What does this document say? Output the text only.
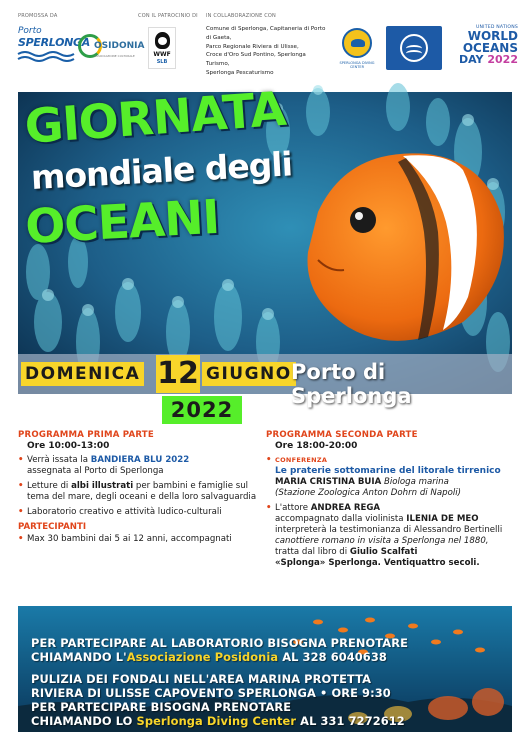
PROMOSSA DA	CON IL PATROCINIO DI IN COLLABORAZIONE CON
Porto
SPERLONGA OSIDONIA
ASSOCIAZIONE CULTURALE	WWF
SLB
Comune di Sperlonga, Capitaneria di Porto di Gaeta,
Parco Regionale Riviera di Ulisse,
Croce d'Oro Sud Pontino, Sperlonga Turismo,
Sperlonga Pescaturismo
SPERLONGA DIVING CENTER
UNITED NATIONS
WORLD
OCEANS
DAY 2022
GIORNATA
mondiale degli
OCEANI
DOMENICA 12 GIUGNO Porto di Sperlonga
2022
PROGRAMMA PRIMA PARTE
Ore 10:00-13:00
• Verrà issata la BANDIERA BLU 2022
assegnata al Porto di Sperlonga
• Letture di albi illustrati per bambini e famiglie sul tema del mare, degli oceani e della loro salvaguardia
• Laboratorio creativo e attività ludico-culturali
PARTECIPANTI
• Max 30 bambini dai 5 ai 12 anni, accompagnati
PROGRAMMA SECONDA PARTE
Ore 18:00-20:00
• CONFERENZA
Le praterie sottomarine del litorale tirrenico
MARIA CRISTINA BUIA Biologa marina
(Stazione Zoologica Anton Dohrn di Napoli)
• L'attore ANDREA REGA
accompagnato dalla violinista ILENIA DE MEO
interpreterà la testimonianza di Alessandro Bertinelli
canottiere romano in visita a Sperlonga nel 1880,
tratta dal libro di Giulio Scalfati
«Splonga» Sperlonga. Ventiquattro secoli.
PER PARTECIPARE AL LABORATORIO BISOGNA PRENOTARE
CHIAMANDO L'Associazione Posidonia AL 328 6040638
PULIZIA DEI FONDALI NELL'AREA MARINA PROTETTA
RIVIERA DI ULISSE CAPOVENTO SPERLONGA • ORE 9:30
PER PARTECIPARE BISOGNA PRENOTARE
CHIAMANDO LO Sperlonga Diving Center AL 331 7272612
